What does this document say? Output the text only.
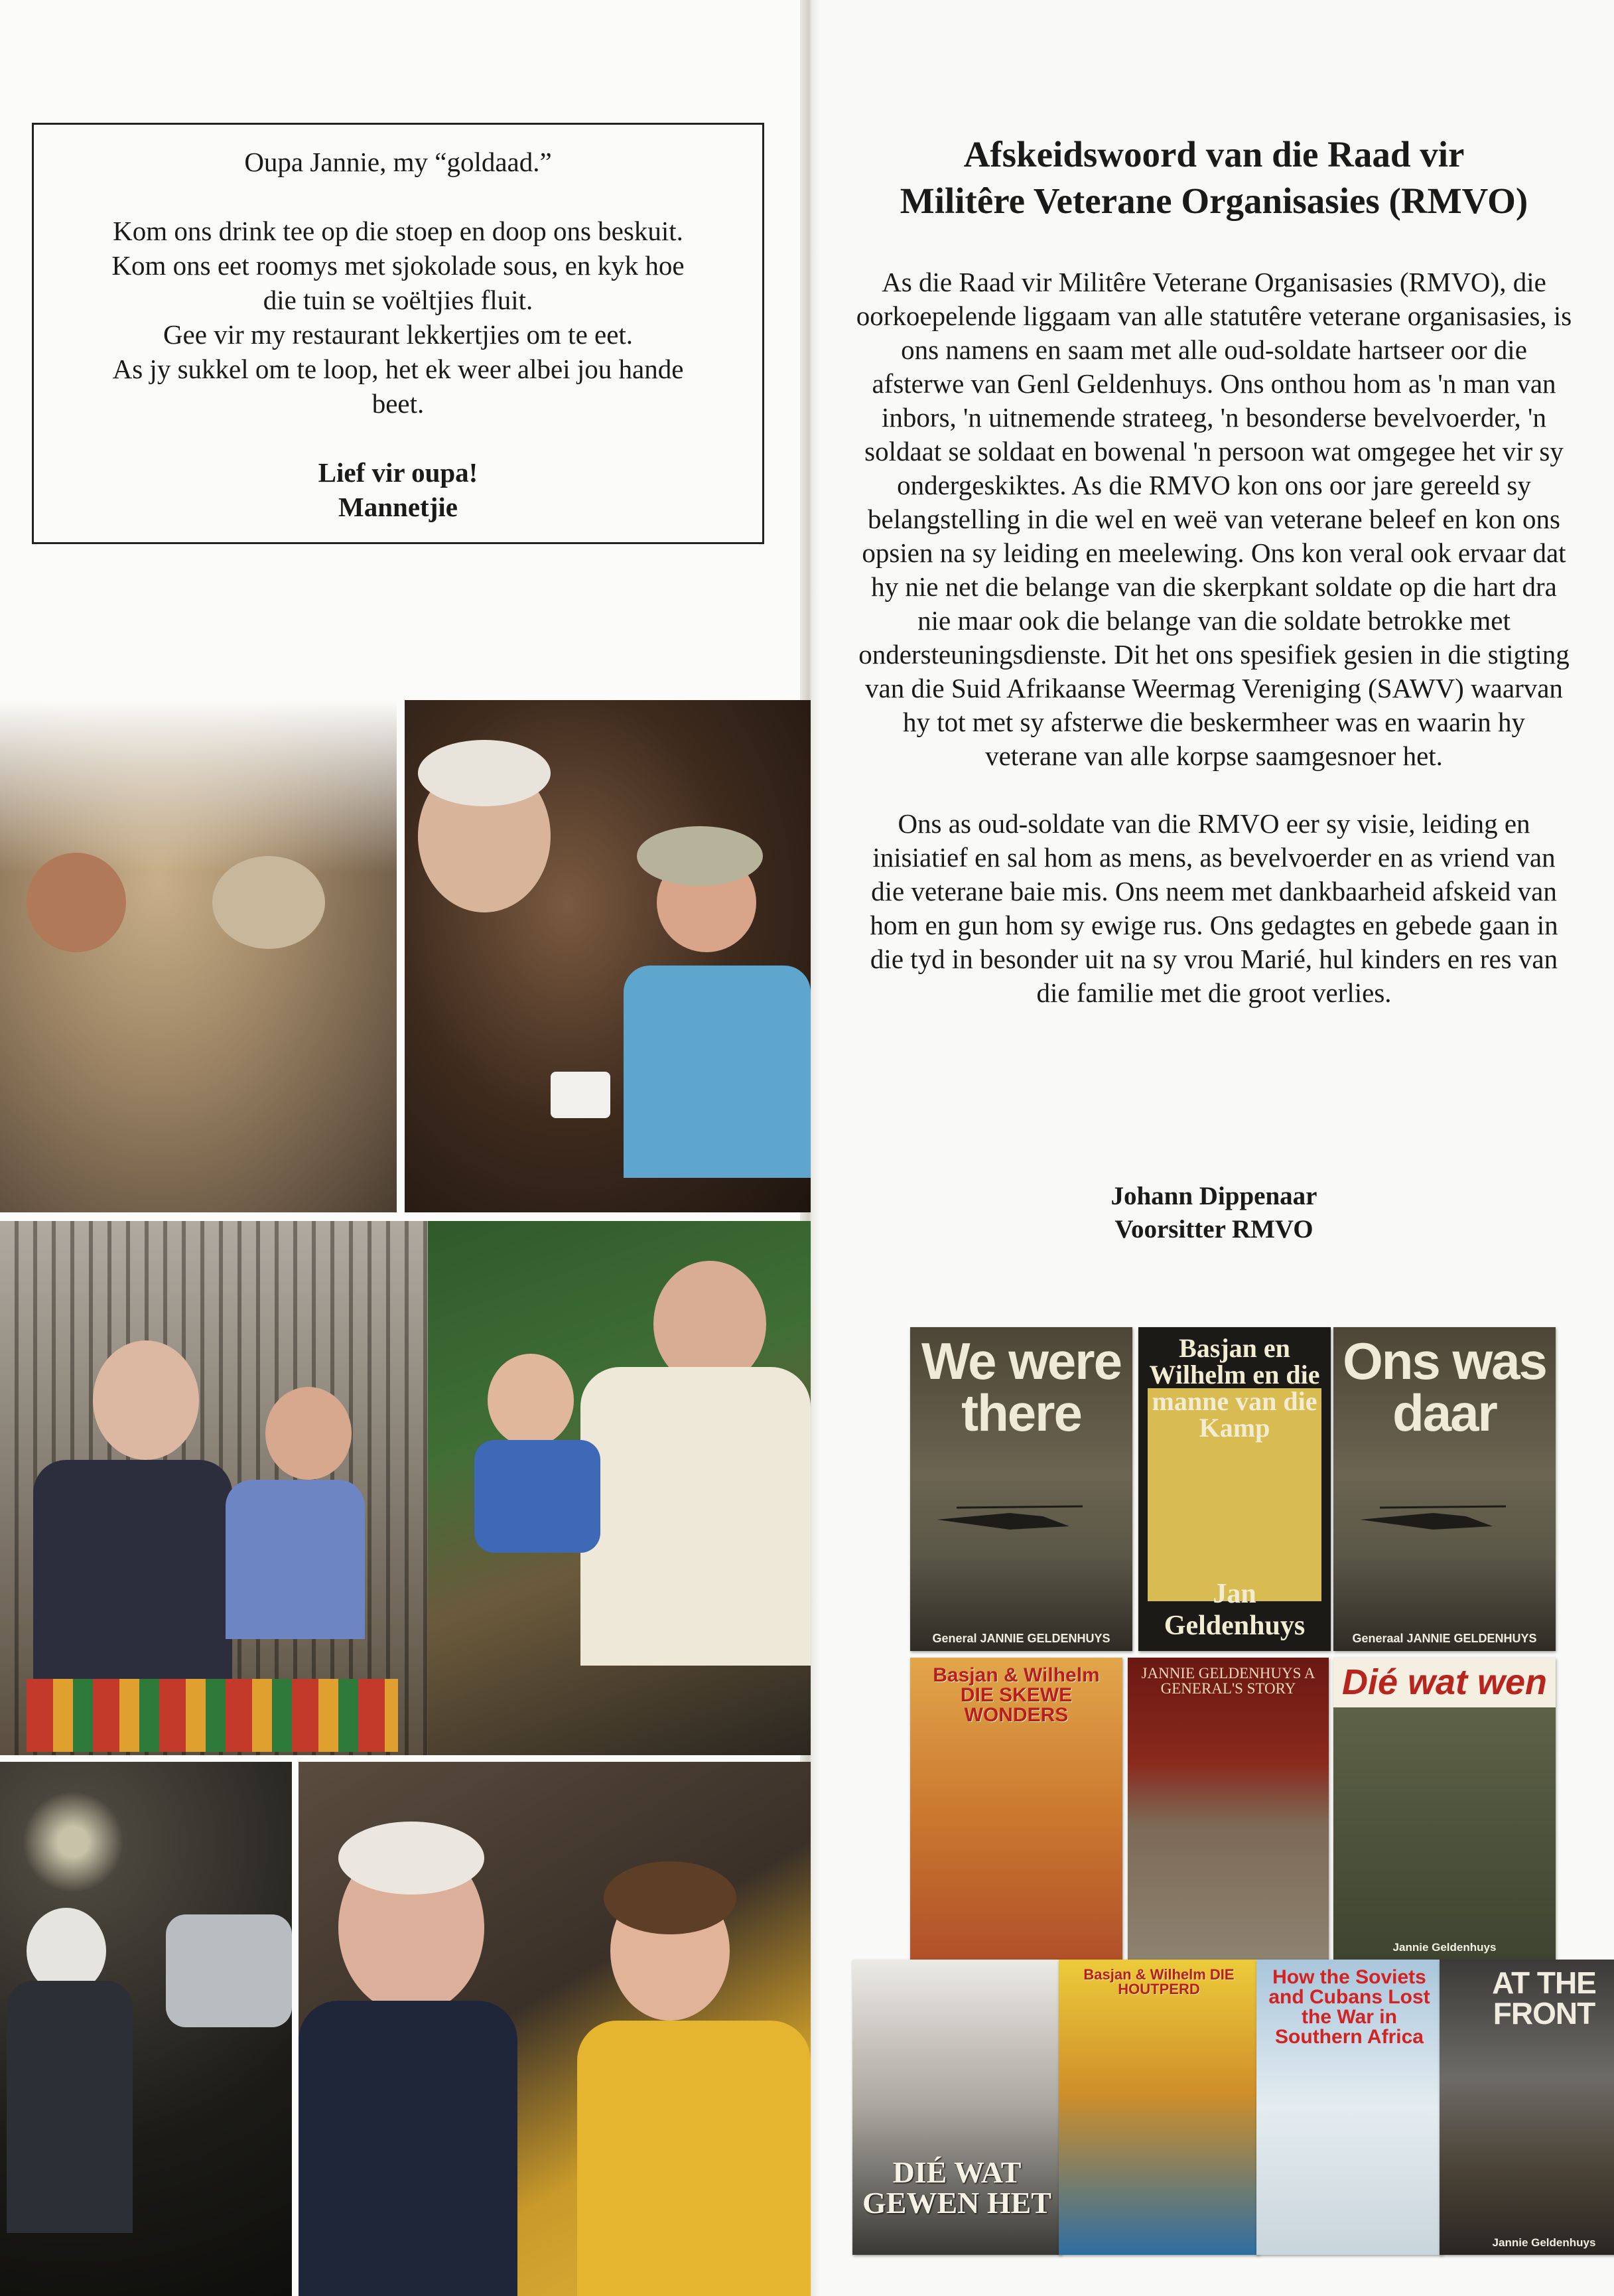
Oupa Jannie, my “goldaad.”

Kom ons drink tee op die stoep en doop ons beskuit.

Kom ons eet roomys met sjokolade sous, en kyk hoe

die tuin se voëltjies fluit.

Gee vir my restaurant lekkertjies om te eet.

As jy sukkel om te loop, het ek weer albei jou hande

beet.

Lief vir oupa!

Mannetjie

Afskeidswoord van die Raad vir
Militêre Veterane Organisasies (RMVO)

As die Raad vir Militêre Veterane Organisasies (RMVO), die oorkoepelende liggaam van alle statutêre veterane organisasies, is ons namens en saam met alle oud-soldate hartseer oor die afsterwe van Genl Geldenhuys. Ons onthou hom as 'n man van inbors, 'n uitnemende strateeg, 'n besonderse bevelvoerder, 'n soldaat se soldaat en bowenal 'n persoon wat omgegee het vir sy ondergeskiktes. As die RMVO kon ons oor jare gereeld sy belangstelling in die wel en weë van veterane beleef en kon ons opsien na sy leiding en meelewing. Ons kon veral ook ervaar dat hy nie net die belange van die skerpkant soldate op die hart dra nie maar ook die belange van die soldate betrokke met ondersteuningsdienste. Dit het ons spesifiek gesien in die stigting van die Suid Afrikaanse Weermag Vereniging (SAWV) waarvan hy tot met sy afsterwe die beskermheer was en waarin hy veterane van alle korpse saamgesnoer het.

Ons as oud-soldate van die RMVO eer sy visie, leiding en inisiatief en sal hom as mens, as bevelvoerder en as vriend van die veterane baie mis. Ons neem met dankbaarheid afskeid van hom en gun hom sy ewige rus. Ons gedagtes en gebede gaan in die tyd in besonder uit na sy vrou Marié, hul kinders en res van die familie met die groot verlies.

Johann Dippenaar
Voorsitter RMVO
We were there
General JANNIE GELDENHUYS
Basjan en Wilhelm en die manne van die Kamp
Jan Geldenhuys
Ons was daar
Generaal JANNIE GELDENHUYS
Basjan & Wilhelm DIE SKEWE WONDERS
JANNIE GELDENHUYS A GENERAL'S STORY	Dié wat wen
Jannie Geldenhuys
DIÉ WAT GEWEN HET
Basjan & Wilhelm DIE HOUTPERD
How the Soviets and Cubans Lost the War in Southern Africa
AT THE FRONT
Jannie Geldenhuys
